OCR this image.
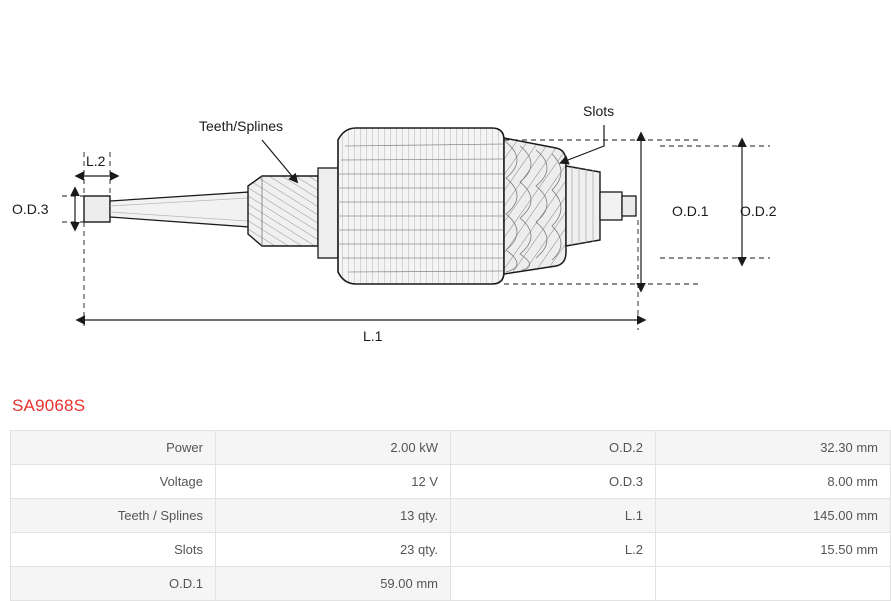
Teeth/Splines
Slots
L.2
O.D.3	O.D.1 O.D.2
L.1
SA9068S
Power	2.00 kW	O.D.2	32.30 mm
Voltage	12 V	O.D.3	8.00 mm
Teeth / Splines	13 qty.	L.1	145.00 mm
Slots	23 qty.	L.2	15.50 mm
O.D.1	59.00 mm		
